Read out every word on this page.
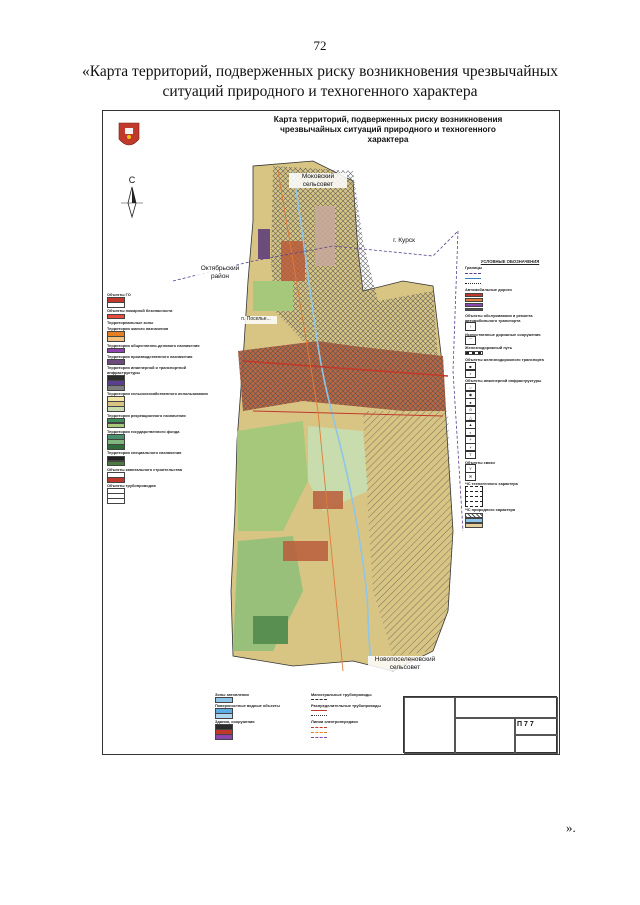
72
«Карта территорий, подверженных риску возникновения чрезвычайных ситуаций природного и техногенного характера
Карта территорий, подверженных риску возникновения чрезвычайных ситуаций природного и техногенного характера
С	Моковский сельсовет
г. Курск
Октябрьский район
Новопоселеновский сельсовет
п. Поселье...
Объекты ГО
Объекты пожарной безопасности
Территориальные зоны
Территория жилого назначения
Территория общественно-делового назначения
Территория производственного назначения
Территория инженерной и транспортной инфраструктуры
Территория сельскохозяйственного использования
Территория рекреационного назначения
Территория государственного фонда
Территория специального назначения
Объекты капитального строительства
Объекты трубопроводов
УСЛОВНЫЕ ОБОЗНАЧЕНИЯ
Границы
Автомобильные дороги
Объекты обслуживания и ремонта автомобильного транспорта
↑
Искусственные дорожные сооружения
⌒
Железнодорожный путь
Объекты железнодорожного транспорта
■
▪
Объекты инженерной инфраструктуры
○
◉
●
⊙
△
▲
◐
⚡
⚡
T
Объекты связи
Y
✉
ЧС техногенного характера
ЧС природного характера
Зоны затопления
Поверхностные водные объекты
Здания, сооружения
Магистральные трубопроводы
Распределительные трубопроводы
Линии электропередачи	П 7 7
».
